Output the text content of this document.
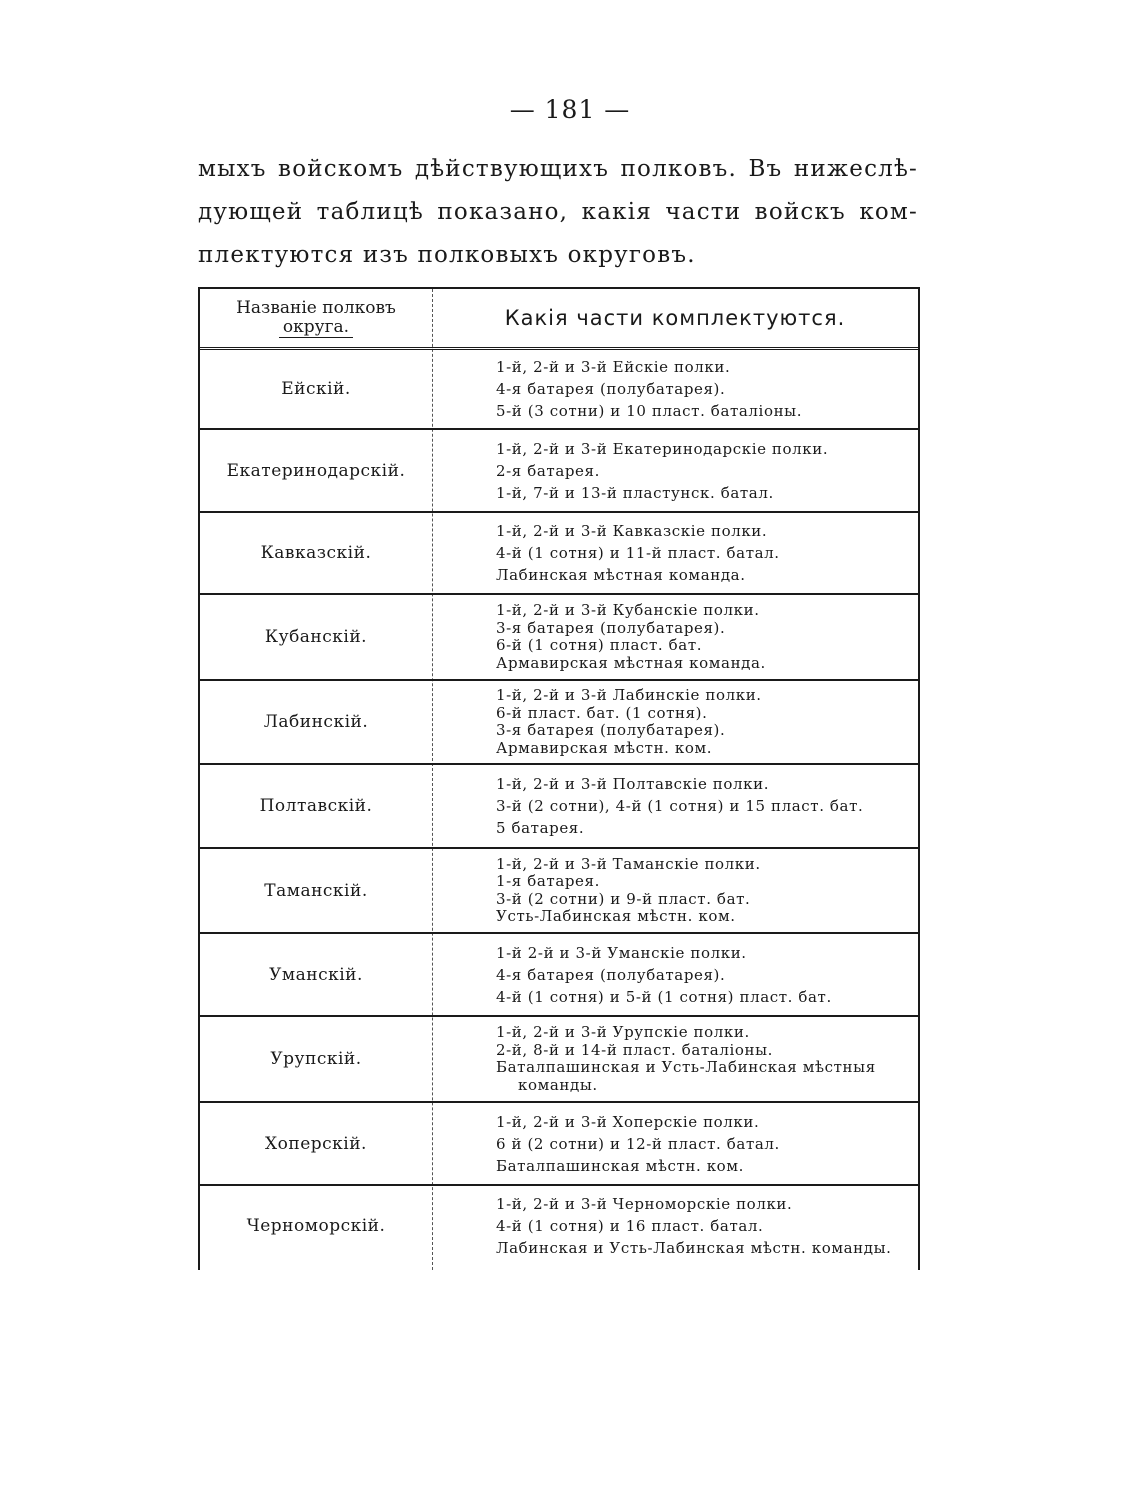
— 181 —
мыхъ войскомъ дѣйствующихъ полковъ. Въ нижеслѣ-
дующей таблицѣ показано, какія части войскъ ком-
плектуются изъ полковыхъ округовъ.
Названіе полковъ
округа.	Какія части комплектуются.
Ейскій.
1-й, 2-й и 3-й Ейскіе полки.
4-я батарея (полубатарея).
5-й (3 сотни) и 10 пласт. баталіоны.
Екатеринодарскій.
1-й, 2-й и 3-й Екатеринодарскіе полки.
2-я батарея.
1-й, 7-й и 13-й пластунск. батал.
Кавказскій.
1-й, 2-й и 3-й Кавказскіе полки.
4-й (1 сотня) и 11-й пласт. батал.
Лабинская мѣстная команда.
Кубанскій.
1-й, 2-й и 3-й Кубанскіе полки.
3-я батарея (полубатарея).
6-й (1 сотня) пласт. бат.
Армавирская мѣстная команда.
Лабинскій.
1-й, 2-й и 3-й Лабинскіе полки.
6-й пласт. бат. (1 сотня).
3-я батарея (полубатарея).
Армавирская мѣстн. ком.
Полтавскій.
1-й, 2-й и 3-й Полтавскіе полки.
3-й (2 сотни), 4-й (1 сотня) и 15 пласт. бат.
5 батарея.
Таманскій.
1-й, 2-й и 3-й Таманскіе полки.
1-я батарея.
3-й (2 сотни) и 9-й пласт. бат.
Усть-Лабинская мѣстн. ком.
Уманскій.
1-й 2-й и 3-й Уманскіе полки.
4-я батарея (полубатарея).
4-й (1 сотня) и 5-й (1 сотня) пласт. бат.
Урупскій.
1-й, 2-й и 3-й Урупскіе полки.
2-й, 8-й и 14-й пласт. баталіоны.
Баталпашинская и Усть-Лабинская мѣстныя
команды.
Хоперскій.
1-й, 2-й и 3-й Хоперскіе полки.
6 й (2 сотни) и 12-й пласт. батал.
Баталпашинская мѣстн. ком.
Черноморскій.
1-й, 2-й и 3-й Черноморскіе полки.
4-й (1 сотня) и 16 пласт. батал.
Лабинская и Усть-Лабинская мѣстн. команды.
